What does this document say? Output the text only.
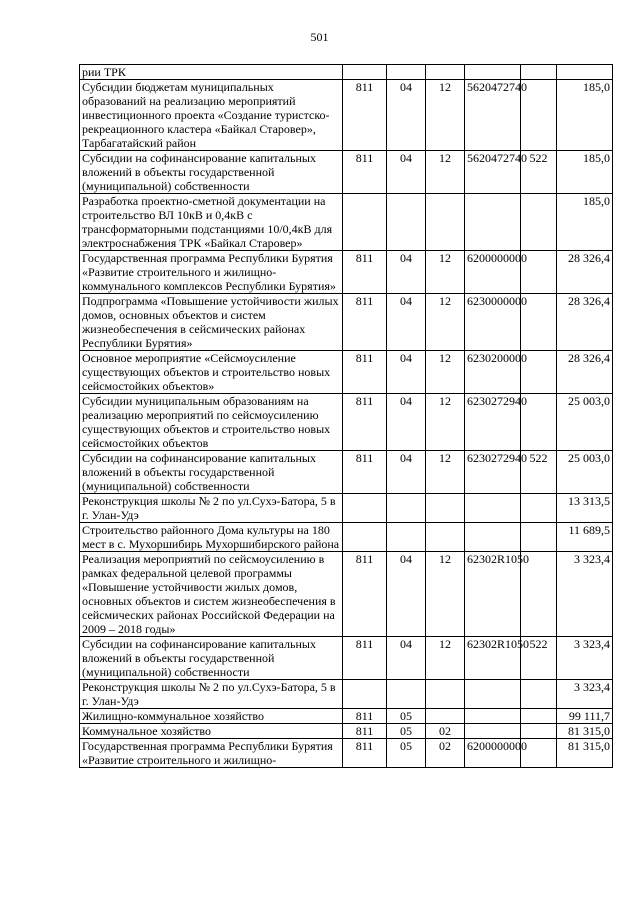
501
рии ТРК						
Субсидии бюджетам муниципальных образований на реализацию мероприятий инвестиционного проекта «Создание туристско-рекреационного кластера «Байкал Старовер», Тарбагатайский район	811	04	12	5620472740		185,0
Субсидии на софинансирование капитальных вложений в объекты государственной (муниципальной) собственности	811	04	12	5620472740	522	185,0
Разработка проектно-сметной документации на строительство ВЛ 10кВ и 0,4кВ с трансформаторными подстанциями 10/0,4кВ для электроснабжения ТРК «Байкал Старовер»						185,0
Государственная программа Республики Бурятия «Развитие строительного и жилищно-коммунального комплексов Республики Бурятия»	811	04	12	6200000000		28 326,4
Подпрограмма «Повышение устойчивости жилых домов, основных объектов и систем жизнеобеспечения в сейсмических районах Республики Бурятия»	811	04	12	6230000000		28 326,4
Основное мероприятие «Сейсмоусиление существующих объектов и строительство новых сейсмостойких объектов»	811	04	12	6230200000		28 326,4
Субсидии муниципальным образованиям на реализацию мероприятий по сейсмоусилению существующих объектов и строительство новых сейсмостойких объектов	811	04	12	6230272940		25 003,0
Субсидии на софинансирование капитальных вложений в объекты государственной (муниципальной) собственности	811	04	12	6230272940	522	25 003,0
Реконструкция школы № 2 по ул.Сухэ-Батора, 5 в г. Улан-Удэ						13 313,5
Строительство районного Дома культуры на 180 мест в с. Мухоршибирь Мухоршибирского района						11 689,5
Реализация мероприятий по сейсмоусилению в рамках федеральной целевой программы «Повышение устойчивости жилых домов, основных объектов и систем жизнеобеспечения в сейсмических районах Российской Федерации на 2009 – 2018 годы»	811	04	12	62302R1050		3 323,4
Субсидии на софинансирование капитальных вложений в объекты государственной (муниципальной) собственности	811	04	12	62302R1050	522	3 323,4
Реконструкция школы № 2 по ул.Сухэ-Батора, 5 в г. Улан-Удэ						3 323,4
Жилищно-коммунальное хозяйство	811	05				99 111,7
Коммунальное хозяйство	811	05	02			81 315,0
Государственная программа Республики Бурятия «Развитие строительного и жилищно-	811	05	02	6200000000		81 315,0
